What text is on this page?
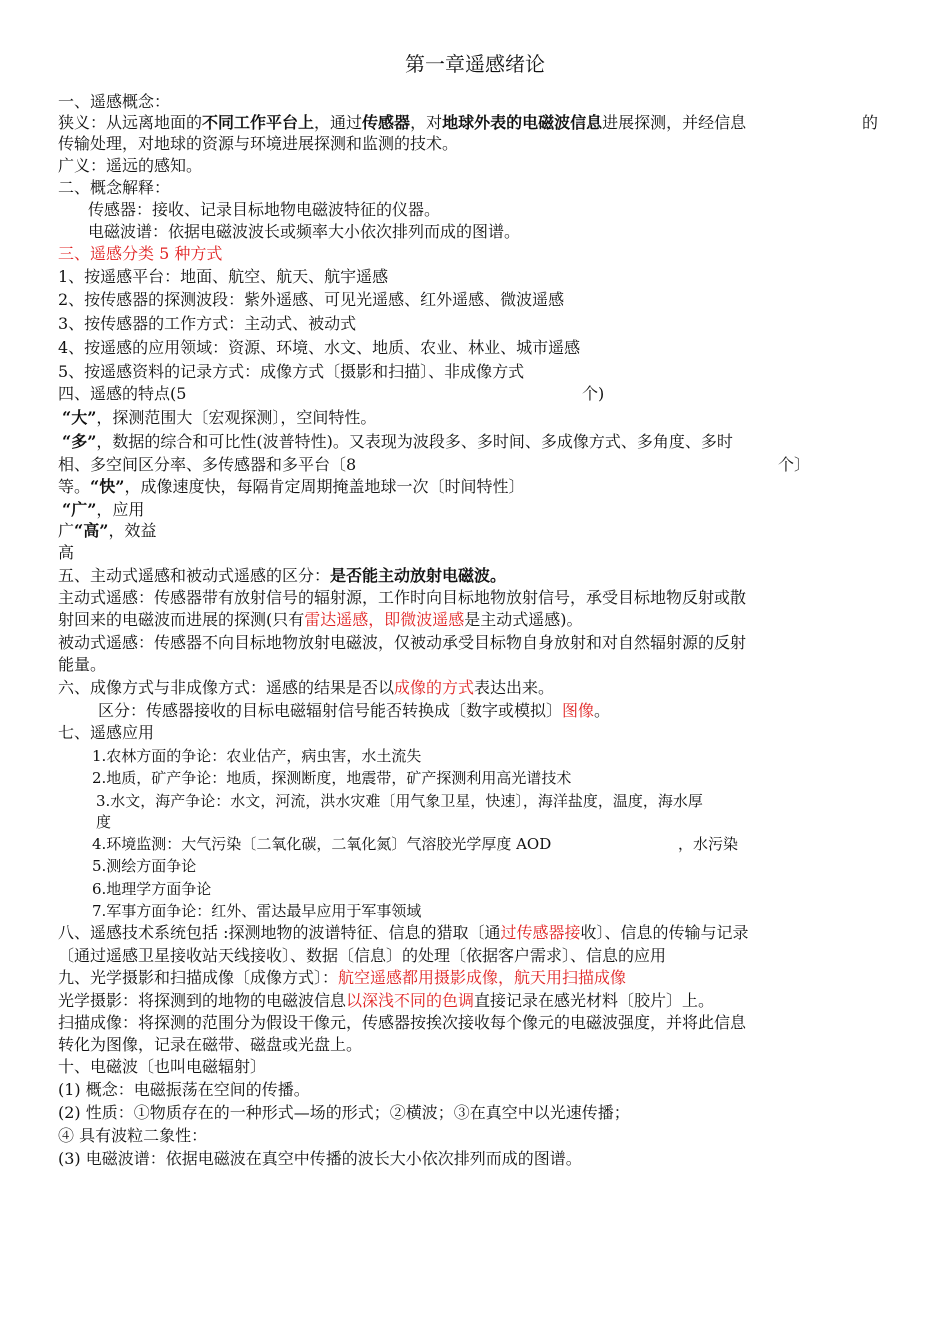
第一章遥感绪论
一、遥感概念：
狭义：从远离地面的不同工作平台上，通过传感器，对地球外表的电磁波信息进展探测，并经信息	的
传输处理，对地球的资源与环境进展探测和监测的技术。
广义：遥远的感知。
二、概念解释：
传感器：接收、记录目标地物电磁波特征的仪器。
电磁波谱：依据电磁波波长或频率大小依次排列而成的图谱。
三、遥感分类 5 种方式
1、按遥感平台：地面、航空、航天、航宇遥感
2、按传感器的探测波段：紫外遥感、可见光遥感、红外遥感、微波遥感
3、按传感器的工作方式：主动式、被动式
4、按遥感的应用领域：资源、环境、水文、地质、农业、林业、城市遥感
5、按遥感资料的记录方式：成像方式〔摄影和扫描〕、非成像方式
四、遥感的特点(5	个)
“大”，探测范围大〔宏观探测〕，空间特性。
“多”，数据的综合和可比性(波普特性)。又表现为波段多、多时间、多成像方式、多角度、多时
相、多空间区分率、多传感器和多平台〔8	个〕
等。“快”，成像速度快，每隔肯定周期掩盖地球一次〔时间特性〕
“广”，应用
广“高”，效益
高
五、主动式遥感和被动式遥感的区分：是否能主动放射电磁波。
主动式遥感：传感器带有放射信号的辐射源，工作时向目标地物放射信号，承受目标地物反射或散
射回来的电磁波而进展的探测(只有雷达遥感，即微波遥感是主动式遥感)。
被动式遥感：传感器不向目标地物放射电磁波，仅被动承受目标物自身放射和对自然辐射源的反射
能量。
六、成像方式与非成像方式：遥感的结果是否以成像的方式表达出来。
区分：传感器接收的目标电磁辐射信号能否转换成〔数字或模拟〕图像。
七、遥感应用
1.农林方面的争论：农业估产，病虫害，水土流失
2.地质，矿产争论：地质，探测断度，地震带，矿产探测利用高光谱技术
3.水文，海产争论：水文，河流，洪水灾难〔用气象卫星，快速〕，海洋盐度，温度，海水厚
度
4.环境监测：大气污染〔二氧化碳，二氧化氮〕气溶胶光学厚度 AOD	，水污染
5.测绘方面争论
6.地理学方面争论
7.军事方面争论：红外、雷达最早应用于军事领域
八、遥感技术系统包括 :探测地物的波谱特征、信息的猎取〔通过传感器接收〕、信息的传输与记录
〔通过遥感卫星接收站天线接收〕、数据〔信息〕的处理〔依据客户需求〕、信息的应用
九、光学摄影和扫描成像〔成像方式〕：航空遥感都用摄影成像，航天用扫描成像
光学摄影：将探测到的地物的电磁波信息以深浅不同的色调直接记录在感光材料〔胶片〕上。
扫描成像：将探测的范围分为假设干像元，传感器按挨次接收每个像元的电磁波强度，并将此信息
转化为图像，记录在磁带、磁盘或光盘上。
十、电磁波〔也叫电磁辐射〕
(1) 概念：电磁振荡在空间的传播。
(2) 性质：①物质存在的一种形式—场的形式；②横波；③在真空中以光速传播；
④ 具有波粒二象性：
(3) 电磁波谱：依据电磁波在真空中传播的波长大小依次排列而成的图谱。
